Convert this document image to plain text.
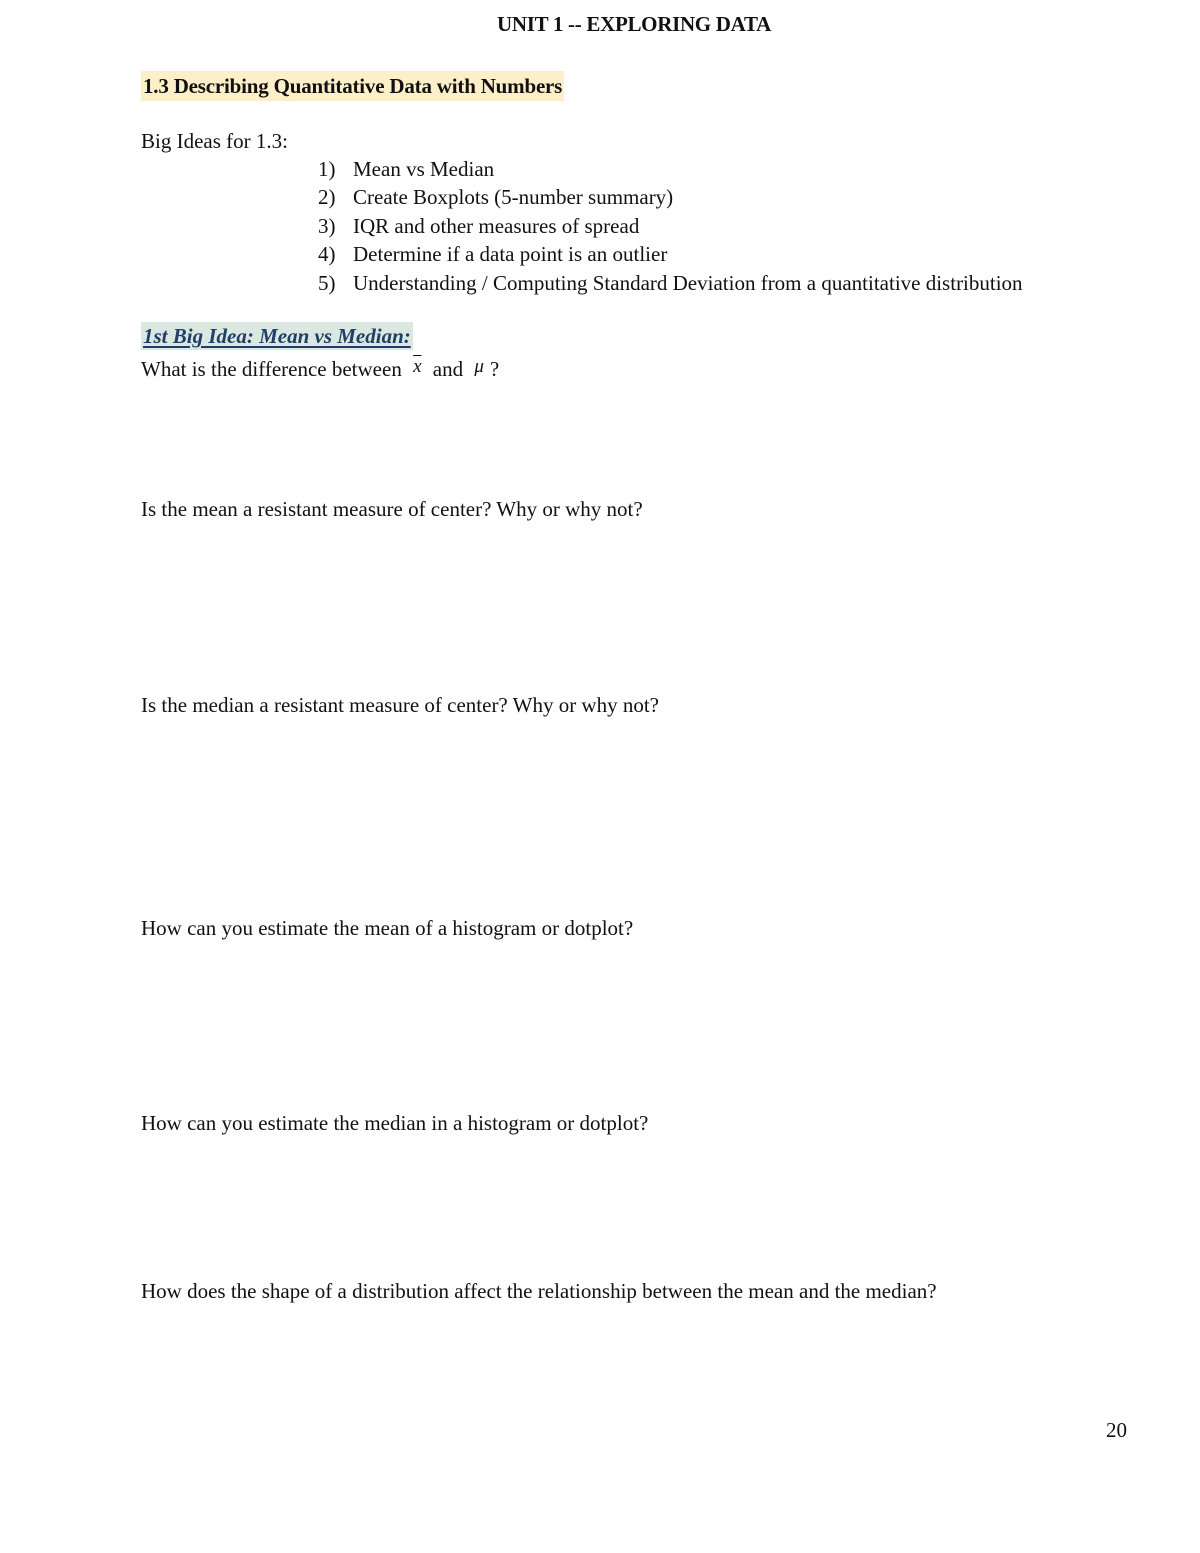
UNIT 1 -- EXPLORING DATA
1.3 Describing Quantitative Data with Numbers
Big Ideas for 1.3:
1) Mean vs Median
2) Create Boxplots (5-number summary)
3) IQR and other measures of spread
4) Determine if a data point is an outlier
5) Understanding / Computing Standard Deviation from a quantitative distribution
1st Big Idea: Mean vs Median:
What is the difference between $\overline{x}$ and μ ?
Is the mean a resistant measure of center? Why or why not?
Is the median a resistant measure of center? Why or why not?
How can you estimate the mean of a histogram or dotplot?
How can you estimate the median in a histogram or dotplot?
How does the shape of a distribution affect the relationship between the mean and the median?
20
